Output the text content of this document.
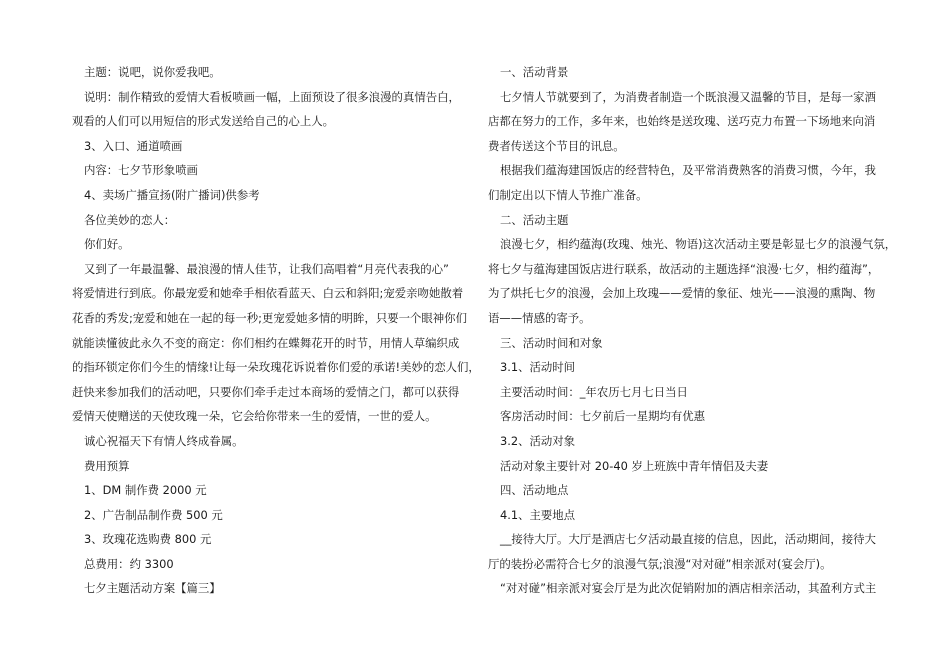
主题：说吧，说你爱我吧。
说明：制作精致的爱情大看板喷画一幅，上面预设了很多浪漫的真情告白，
观看的人们可以用短信的形式发送给自己的心上人。
3、入口、通道喷画
内容：七夕节形象喷画
4、卖场广播宣扬(附广播词)供参考
各位美妙的恋人：
你们好。
又到了一年最温馨、最浪漫的情人佳节，让我们高唱着“月亮代表我的心”
将爱情进行到底。你最宠爱和她牵手相依看蓝天、白云和斜阳;宠爱亲吻她散着
花香的秀发;宠爱和她在一起的每一秒;更宠爱她多情的明眸，只要一个眼神你们
就能读懂彼此永久不变的商定：你们相约在蝶舞花开的时节，用情人草编织成
的指环锁定你们今生的情缘!让每一朵玫瑰花诉说着你们爱的承诺!美妙的恋人们，
赶快来参加我们的活动吧，只要你们牵手走过本商场的爱情之门，都可以获得
爱情天使赠送的天使玫瑰一朵，它会给你带来一生的爱情，一世的爱人。
诚心祝福天下有情人终成眷属。
费用预算
1、DM 制作费 2000 元
2、广告制品制作费 500 元
3、玫瑰花选购费 800 元
总费用：约 3300
七夕主题活动方案【篇三】
一、活动背景
七夕情人节就要到了，为消费者制造一个既浪漫又温馨的节目，是每一家酒
店都在努力的工作，多年来，也始终是送玫瑰、送巧克力布置一下场地来向消
费者传送这个节目的讯息。
根据我们蕴海建国饭店的经营特色，及平常消费熟客的消费习惯，今年，我
们制定出以下情人节推广准备。
二、活动主题
浪漫七夕，相约蕴海(玫瑰、烛光、物语)这次活动主要是彰显七夕的浪漫气氛，
将七夕与蕴海建国饭店进行联系，故活动的主题选择“浪漫·七夕，相约蕴海”，
为了烘托七夕的浪漫，会加上玫瑰——爱情的象征、烛光——浪漫的熏陶、物
语——情感的寄予。
三、活动时间和对象
3.1、活动时间
主要活动时间：_年农历七月七日当日
客房活动时间：七夕前后一星期均有优惠
3.2、活动对象
活动对象主要针对 20-40 岁上班族中青年情侣及夫妻
四、活动地点
4.1、主要地点
__接待大厅。大厅是酒店七夕活动最直接的信息，因此，活动期间，接待大
厅的装扮必需符合七夕的浪漫气氛;浪漫“对对碰”相亲派对(宴会厅)。
“对对碰”相亲派对宴会厅是为此次促销附加的酒店相亲活动，其盈利方式主
